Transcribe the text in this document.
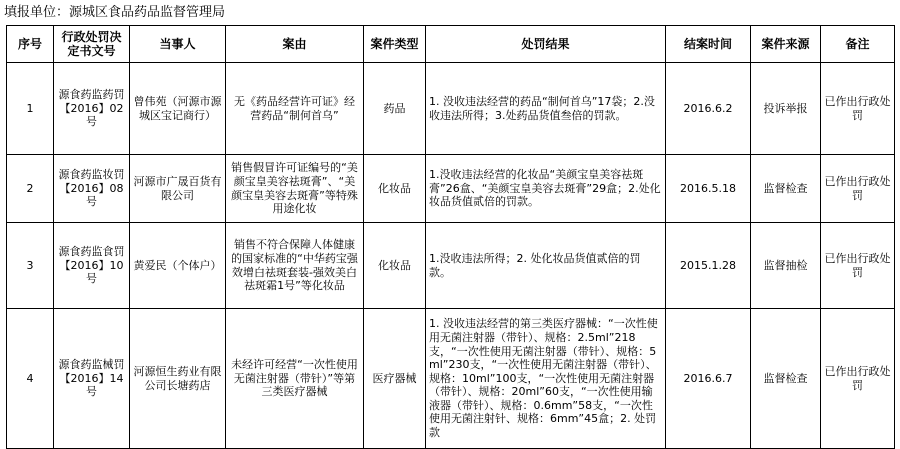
填报单位：源城区食品药品监督管理局
序号	行政处罚决定书文号	当事人	案由	案件类型	处罚结果	结案时间	案件来源	备注
1	源食药监药罚【2016】02号	曾伟苑（河源市源城区宝记商行）	无《药品经营许可证》经营药品“制何首乌”	药品	1. 没收违法经营的药品“制何首乌”17袋；2.没收违法所得；3.处药品货值叁倍的罚款。	2016.6.2	投诉举报	已作出行政处罚
2	源食药监妆罚【2016】08号	河源市广晟百货有限公司	销售假冒许可证编号的“美颜宝皇美容祛斑膏”、“美颜宝皇美容去斑膏”等特殊用途化妆	化妆品	1.没收违法经营的化妆品“美颜宝皇美容祛斑膏”26盒、“美颜宝皇美容去斑膏”29盒；2.处化妆品货值贰倍的罚款。	2016.5.18	监督检查	已作出行政处罚
3	源食药监食罚【2016】10号	黄爱民（个体户）	销售不符合保障人体健康的国家标准的“中华药宝强效增白祛斑套装-强效美白祛斑霜1号”等化妆品	化妆品	1.没收违法所得；2. 处化妆品货值贰倍的罚款。	2015.1.28	监督抽检	已作出行政处罚
4	源食药监械罚【2016】14号	河源恒生药业有限公司长塘药店	未经许可经营“一次性使用无菌注射器（带针）”等第三类医疗器械	医疗器械	1. 没收违法经营的第三类医疗器械：“一次性使用无菌注射器（带针）、规格：2.5ml”218支，“一次性使用无菌注射器（带针）、规格：5ml”230支，“一次性使用无菌注射器（带针）、规格：10ml”100支，“一次性使用无菌注射器（带针）、规格：20ml”60支，“一次性使用输液器（带针）、规格：0.6mm”58支，“一次性使用无菌注射针、规格：6mm”45盒；2. 处罚款	2016.6.7	监督检查	已作出行政处罚
